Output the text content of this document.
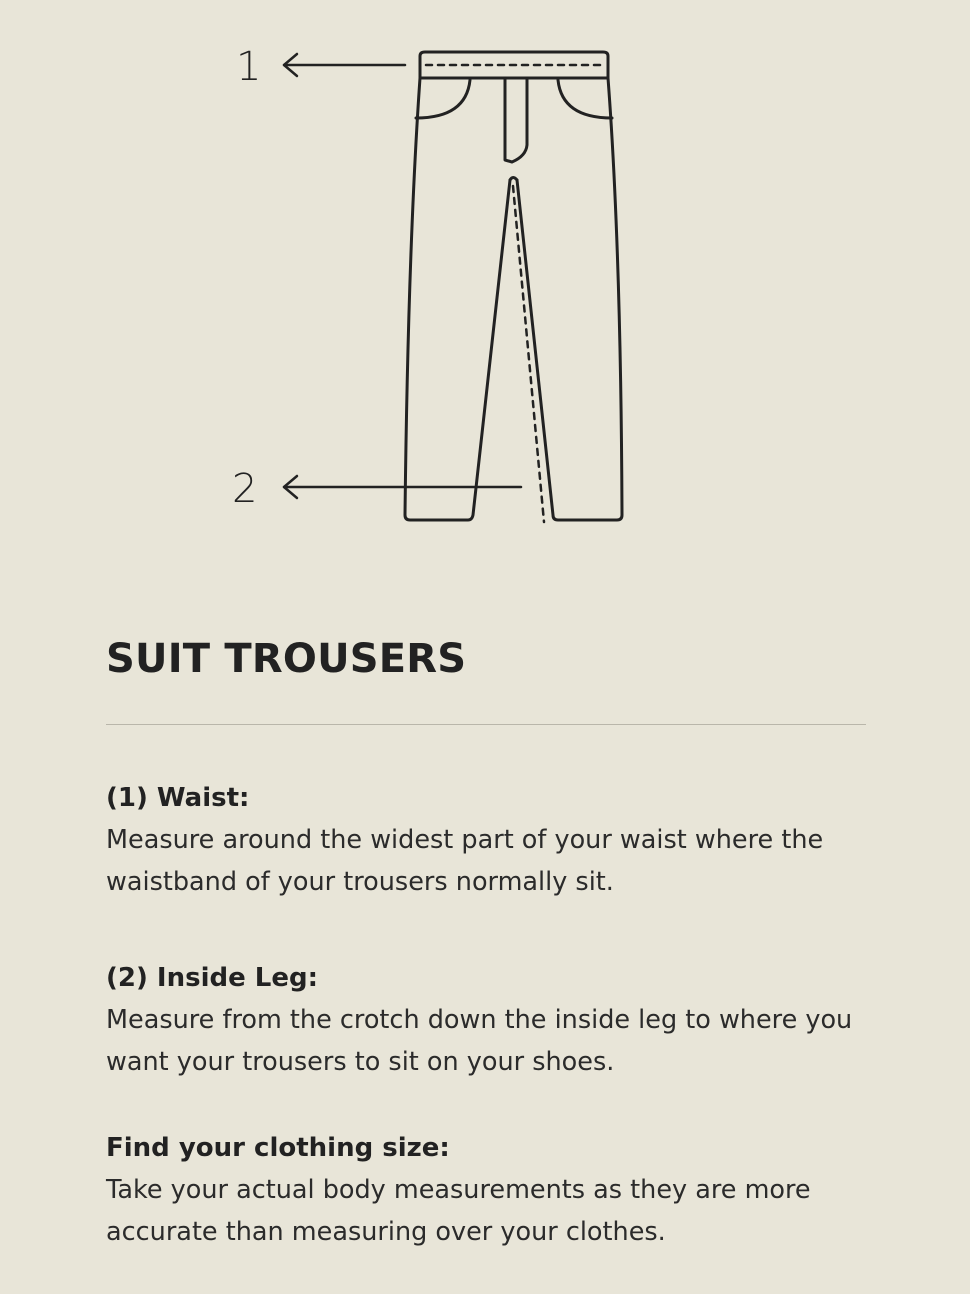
1
2
SUIT TROUSERS
(1) Waist:

Measure around the widest part of your waist where the waistband of your trousers normally sit.

(2) Inside Leg:

Measure from the crotch down the inside leg to where you want your trousers to sit on your shoes.

Find your clothing size:

Take your actual body measurements as they are more accurate than measuring over your clothes.
